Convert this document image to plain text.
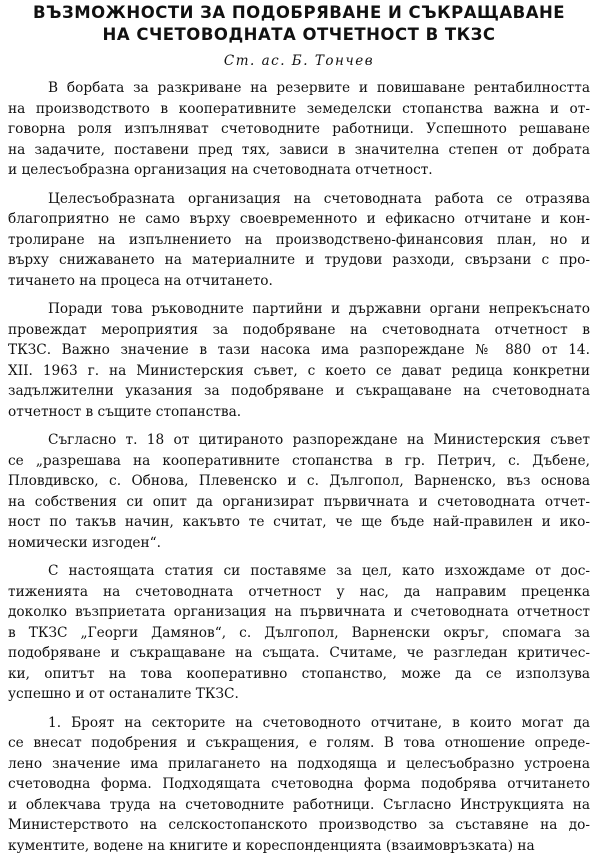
ВЪЗМОЖНОСТИ ЗА ПОДОБРЯВАНЕ И СЪКРАЩАВАНЕ
НА СЧЕТОВОДНАТА ОТЧЕТНОСТ В ТКЗС
Ст. ас. Б. Тончев

В борбата за разкриване на резервите и повишаване рентабилността
на производството в кооперативните земеделски стопанства важна и от-
говорна роля изпълняват счетоводните работници. Успешното решаване
на задачите, поставени пред тях, зависи в значителна степен от добрата
и целесъобразна организация на счетоводната отчетност.

Целесъобразната организация на счетоводната работа се отразява
благоприятно не само върху своевременното и ефикасно отчитане и кон-
тролиране на изпълнението на производствено-финансовия план, но и
върху снижаването на материалните и трудови разходи, свързани с про-
тичането на процеса на отчитането.

Поради това ръководните партийни и държавни органи непрекъснато
провеждат мероприятия за подобряване на счетоводната отчетност в
ТКЗС. Важно значение в тази насока има разпореждане № 880 от 14.
XII. 1963 г. на Министерския съвет, с което се дават редица конкретни
задължителни указания за подобряване и съкращаване на счетоводната
отчетност в същите стопанства.

Съгласно т. 18 от цитираното разпореждане на Министерския съвет
се „разрешава на кооперативните стопанства в гр. Петрич, с. Дъбене,
Пловдивско, с. Обнова, Плевенско и с. Дългопол, Варненско, въз основа
на собствения си опит да организират първичната и счетоводната отчет-
ност по такъв начин, какъвто те считат, че ще бъде най-правилен и ико-
номически изгоден“.

С настоящата статия си поставяме за цел, като изхождаме от дос-
тиженията на счетоводната отчетност у нас, да направим преценка
доколко възприетата организация на първичната и счетоводната отчетност
в ТКЗС „Георги Дамянов“, с. Дългопол, Варненски окръг, спомага за
подобряване и съкращаване на същата. Считаме, че разгледан критичес-
ки, опитът на това кооперативно стопанство, може да се използува
успешно и от останалите ТКЗС.

1. Броят на секторите на счетоводното отчитане, в които могат да
се внесат подобрения и съкращения, е голям. В това отношение опреде-
лено значение има прилагането на подходяща и целесъобразно устроена
счетоводна форма. Подходящата счетоводна форма подобрява отчитането
и облекчава труда на счетоводните работници. Съгласно Инструкцията на
Министерството на селскостопанското производство за съставяне на до-
кументите, водене на книгите и кореспонденцията (взаимовръзката) на
